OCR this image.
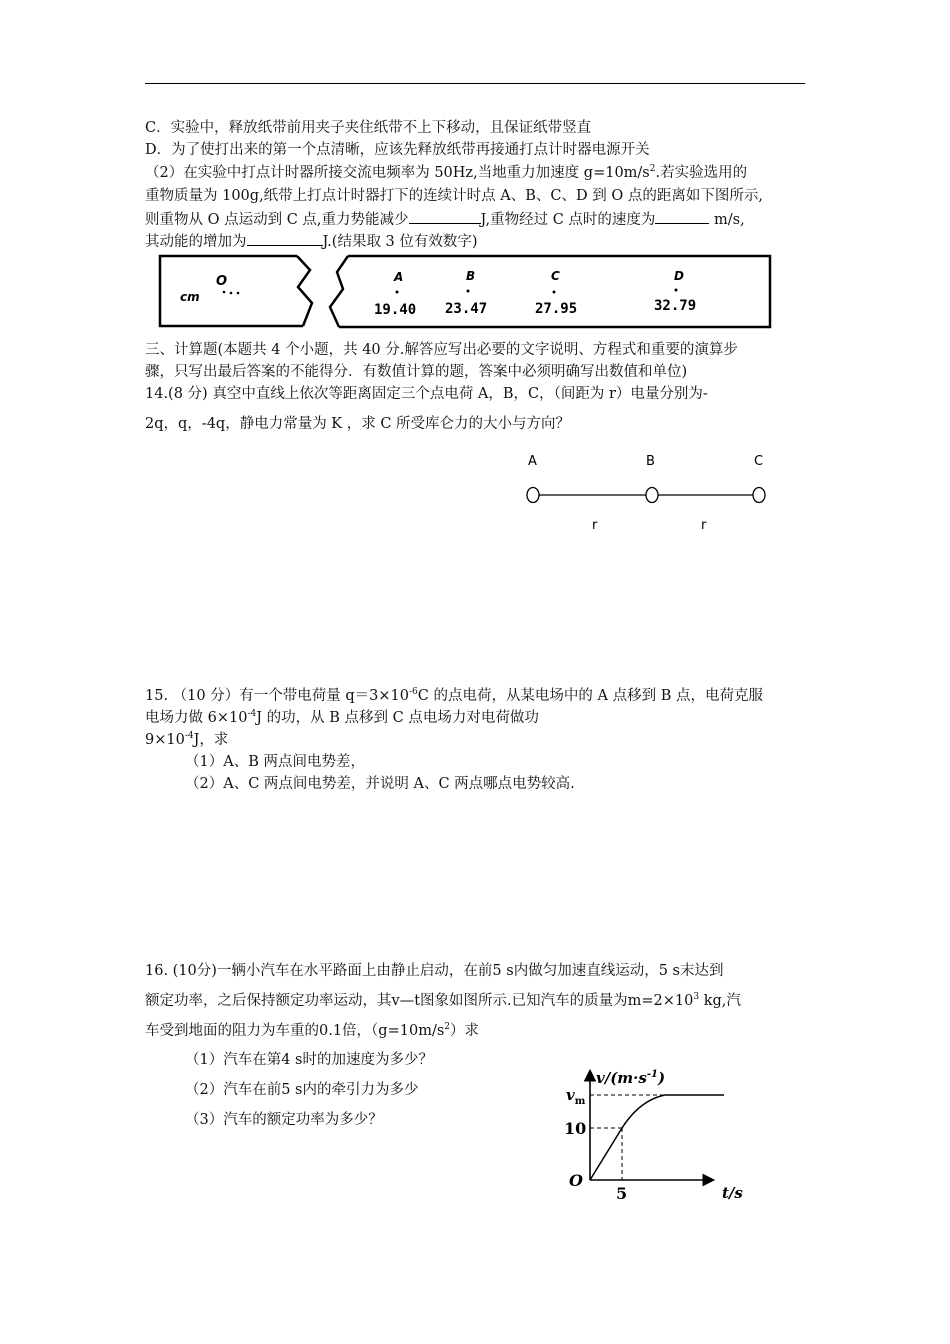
C．实验中，释放纸带前用夹子夹住纸带不上下移动，且保证纸带竖直
D．为了使打出来的第一个点清晰，应该先释放纸带再接通打点计时器电源开关
（2）在实验中打点计时器所接交流电频率为 50Hz,当地重力加速度 $g=10m/s^2$.若实验选用的
重物质量为 100g,纸带上打点计时器打下的连续计时点 A、B、C、D 到 O 点的距离如下图所示,
则重物从 O 点运动到 C 点,重力势能减少	J,重物经过 C 点时的速度为	m/s,
其动能的增加为	J.(结果取 3 位有效数字)
cm
O	A
19.40
B
23.47
C
27.95
D
32.79
三、计算题(本题共 4 个小题，共 40 分.解答应写出必要的文字说明、方程式和重要的演算步
骤，只写出最后答案的不能得分．有数值计算的题，答案中必须明确写出数值和单位)
14.(8 分) 真空中直线上依次等距离固定三个点电荷 A，B，C，（间距为 r）电量分别为-
2q，q，-4q，静电力常量为 K ，求 C 所受库仑力的大小与方向？
A	B	C
r	r
15. （10 分）有一个带电荷量 $q=3\times 10^{-6}C$ 的点电荷，从某电场中的 A 点移到 B 点，电荷克服
电场力做 $6\times 10^{-4}J$ 的功，从 B 点移到 C 点电场力对电荷做功
$9\times 10^{-4}J$，求
（1）A、B 两点间电势差，
（2）A、C 两点间电势差，并说明 A、C 两点哪点电势较高.
16. (10分)一辆小汽车在水平路面上由静止启动，在前5 s内做匀加速直线运动，5 s末达到
额定功率，之后保持额定功率运动，其v—t图象如图所示.已知汽车的质量为$m=2\times 10^3$ kg,汽
车受到地面的阻力为车重的0.1倍，$(g=10m/s^2)$求
（1）汽车在第4 s时的加速度为多少？
（2）汽车在前5 s内的牵引力为多少
（3）汽车的额定功率为多少？
$v/(m\cdot s^{-1})$
t/s
O
$v_m$
10
5
